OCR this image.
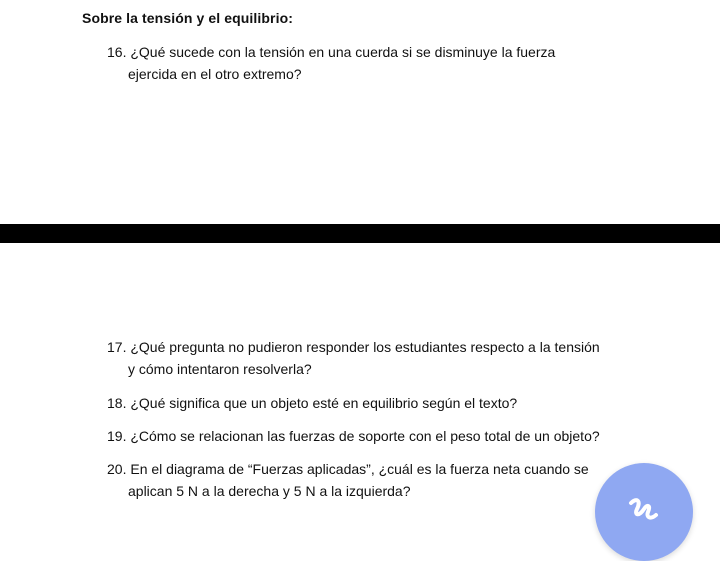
Sobre la tensión y el equilibrio:
16. ¿Qué sucede con la tensión en una cuerda si se disminuye la fuerza
ejercida en el otro extremo?
17. ¿Qué pregunta no pudieron responder los estudiantes respecto a la tensión
y cómo intentaron resolverla?
18. ¿Qué significa que un objeto esté en equilibrio según el texto?
19. ¿Cómo se relacionan las fuerzas de soporte con el peso total de un objeto?
20. En el diagrama de “Fuerzas aplicadas”, ¿cuál es la fuerza neta cuando se
aplican 5 N a la derecha y 5 N a la izquierda?
